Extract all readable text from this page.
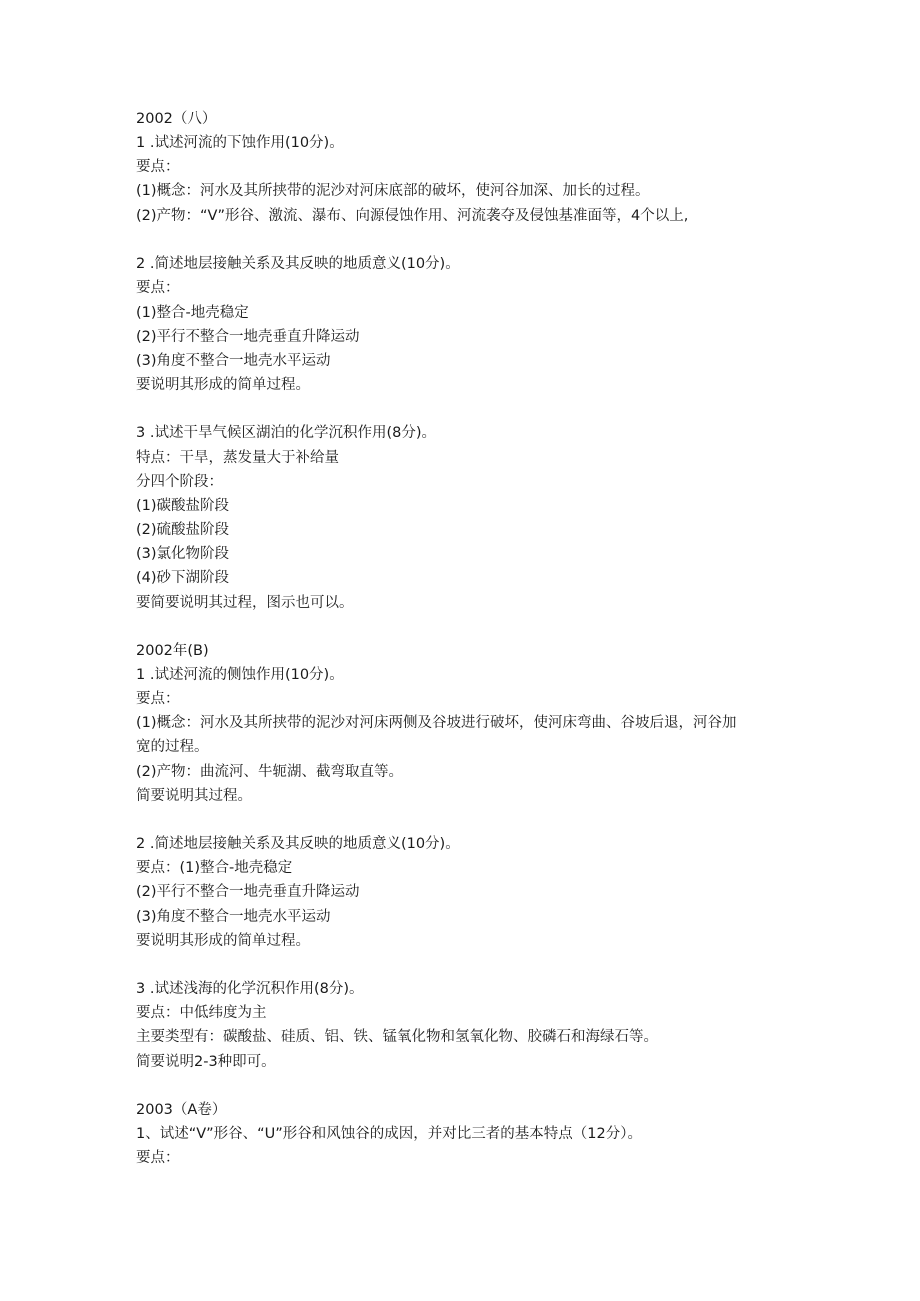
2002（八）

1 .试述河流的下蚀作用(10分)。

要点：

(1)概念：河水及其所挟带的泥沙对河床底部的破坏，使河谷加深、加长的过程。

(2)产物：“V”形谷、激流、瀑布、向源侵蚀作用、河流袭夺及侵蚀基准面等，4个以上,

2 .简述地层接触关系及其反映的地质意义(10分)。

要点：

(1)整合-地壳稳定

(2)平行不整合一地壳垂直升降运动

(3)角度不整合一地壳水平运动

要说明其形成的简单过程。

3 .试述干旱气候区湖泊的化学沉积作用(8分)。

特点：干旱，蒸发量大于补给量

分四个阶段：

(1)碳酸盐阶段

(2)硫酸盐阶段

(3)氯化物阶段

(4)砂下湖阶段

要简要说明其过程，图示也可以。

2002年(B)

1 .试述河流的侧蚀作用(10分)。

要点：

(1)概念：河水及其所挟带的泥沙对河床两侧及谷坡进行破坏，使河床弯曲、谷坡后退，河谷加

宽的过程。

(2)产物：曲流河、牛轭湖、截弯取直等。

简要说明其过程。

2 .简述地层接触关系及其反映的地质意义(10分)。

要点：(1)整合-地壳稳定

(2)平行不整合一地壳垂直升降运动

(3)角度不整合一地壳水平运动

要说明其形成的简单过程。

3 .试述浅海的化学沉积作用(8分)。

要点：中低纬度为主

主要类型有：碳酸盐、硅质、铝、铁、锰氧化物和氢氧化物、胶磷石和海绿石等。

简要说明2-3种即可。

2003（A卷）

1、试述“V”形谷、“U”形谷和风蚀谷的成因，并对比三者的基本特点（12分）。

要点：
